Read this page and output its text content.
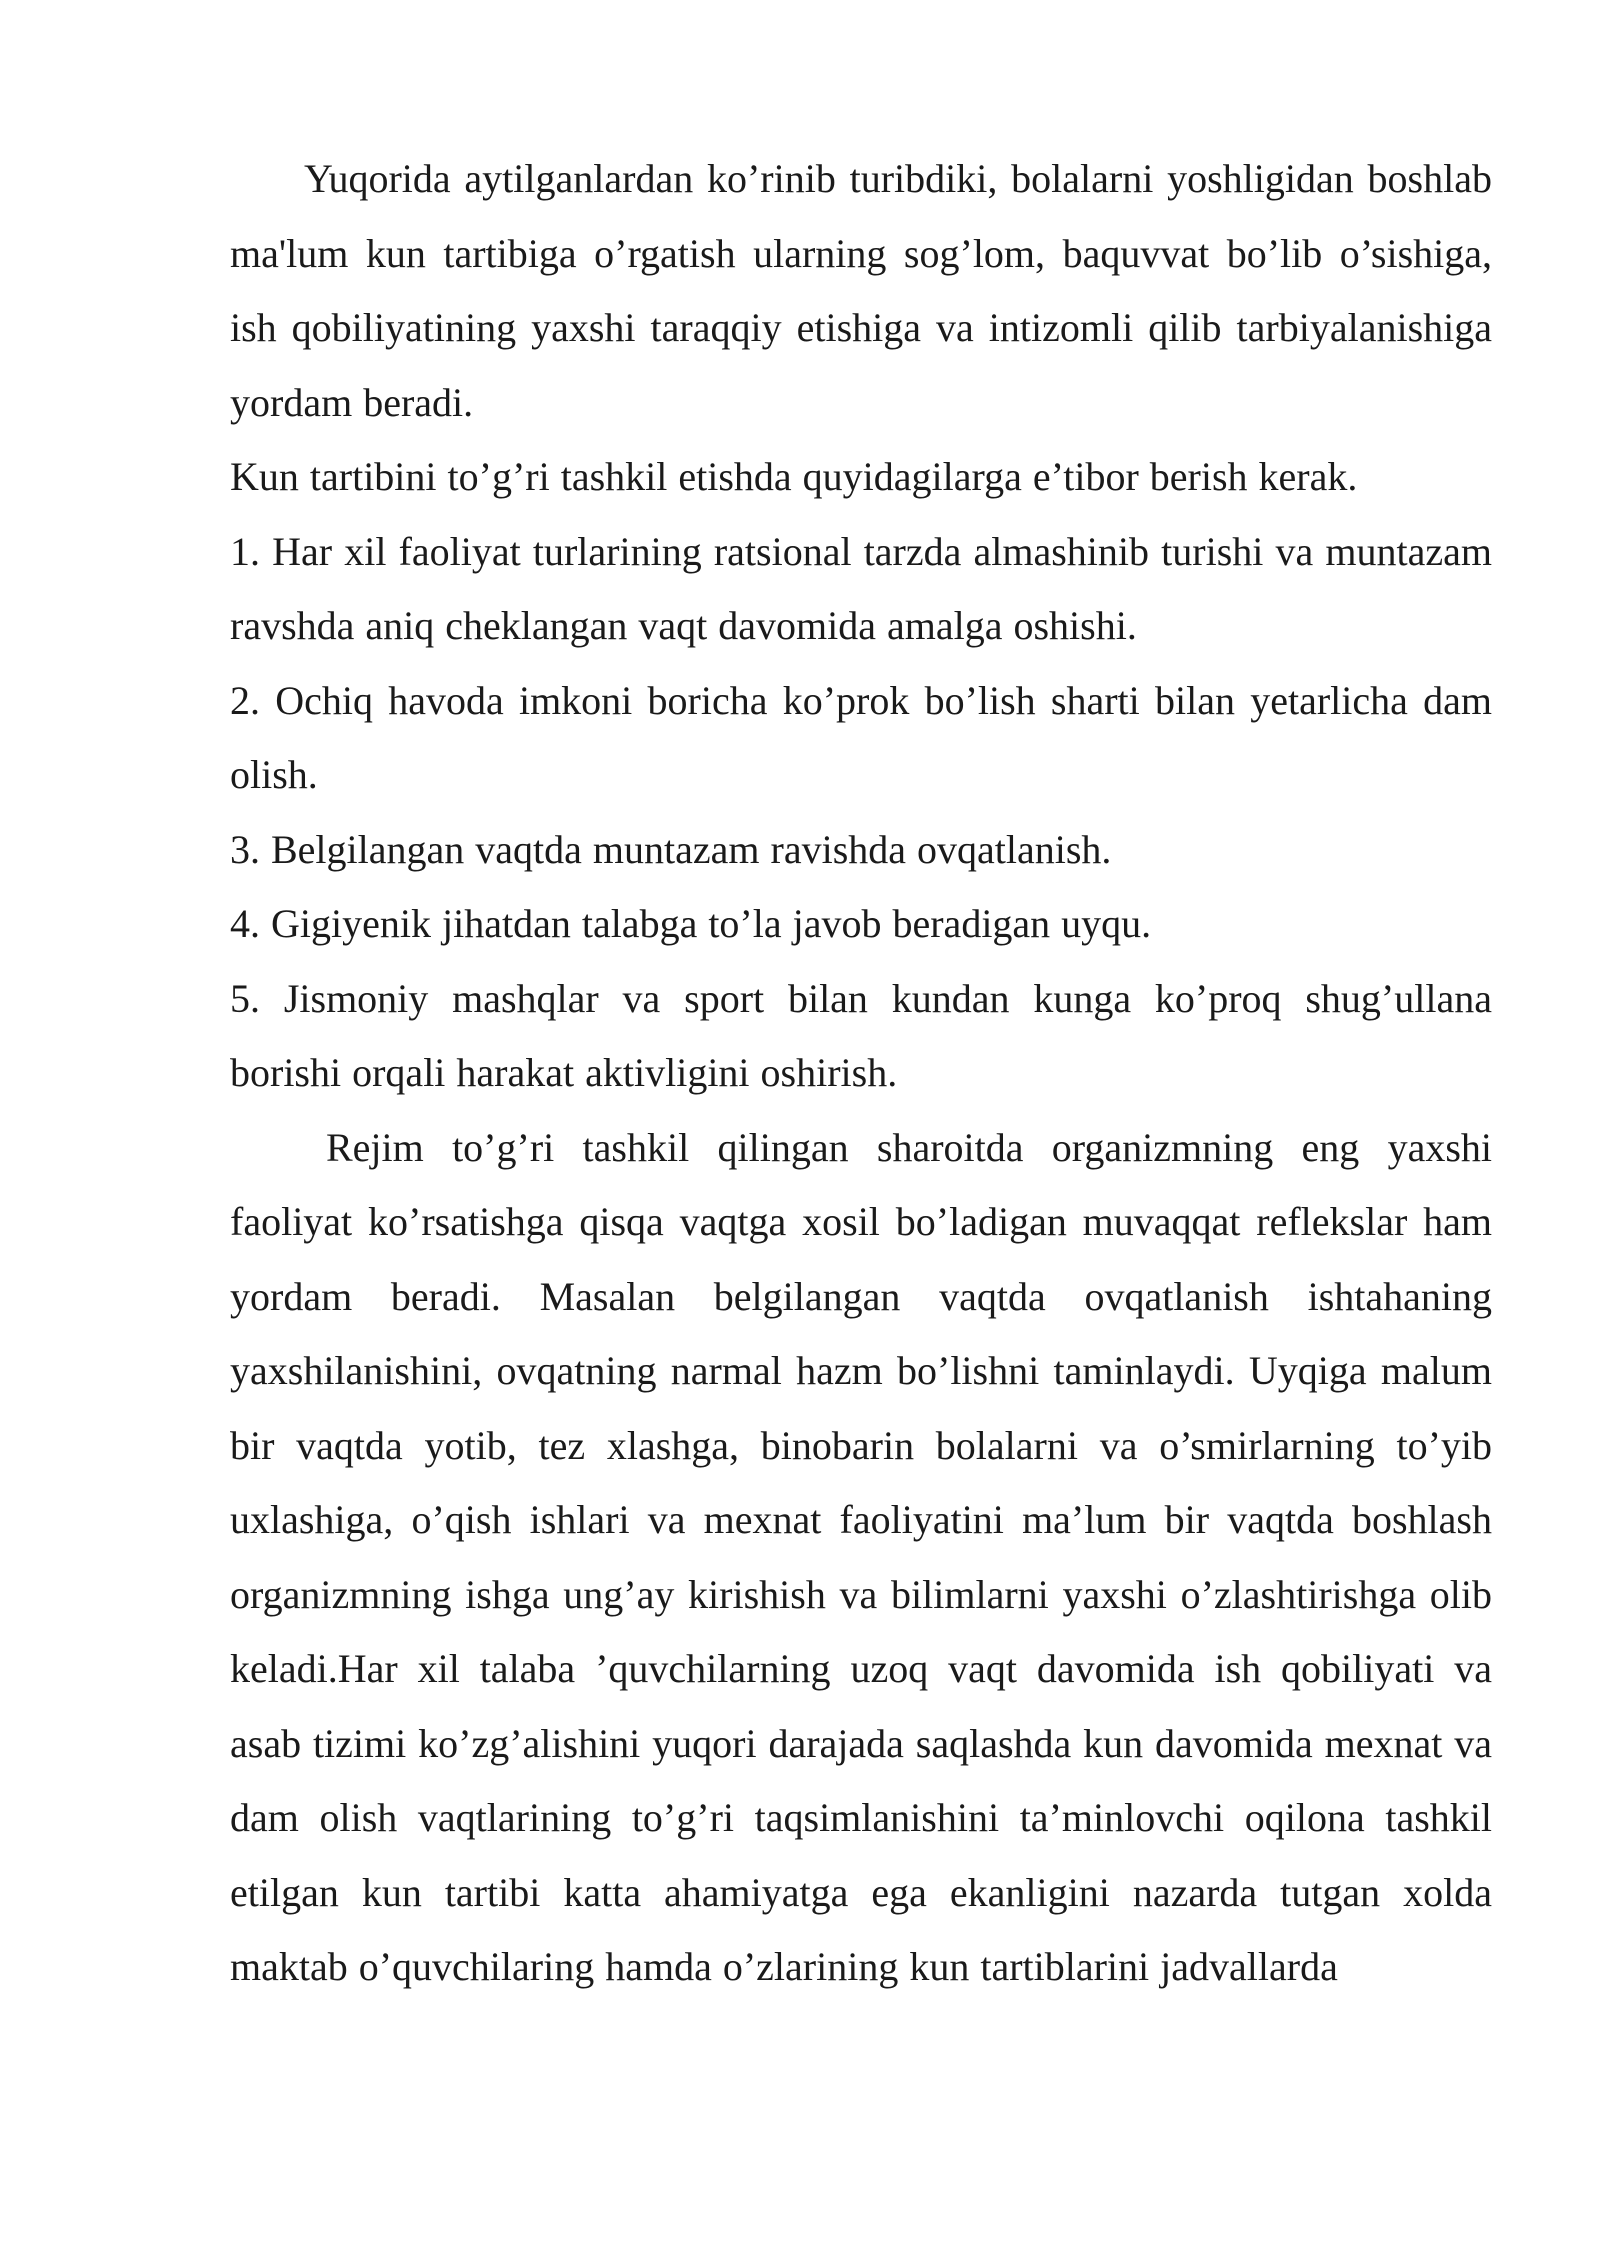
Yuqorida aytilganlardan ko’rinib turibdiki, bolalarni yoshligidan boshlab ma'lum kun tartibiga o’rgatish ularning sog’lom, baquvvat bo’lib o’sishiga, ish qobiliyatining yaxshi taraqqiy etishiga va intizomli qilib tarbiyalanishiga yordam beradi.

Kun tartibini to’g’ri tashkil etishda quyidagilarga e’tibor berish kerak.

1. Har xil faoliyat turlarining ratsional tarzda almashinib turishi va muntazam ravshda aniq cheklangan vaqt davomida amalga oshishi.

2. Ochiq havoda imkoni boricha ko’prok bo’lish sharti bilan yetarlicha dam olish.

3. Belgilangan vaqtda muntazam ravishda ovqatlanish.

4. Gigiyenik jihatdan talabga to’la javob beradigan uyqu.

5. Jismoniy mashqlar va sport bilan kundan kunga ko’proq shug’ullana borishi orqali harakat aktivligini oshirish.

Rejim to’g’ri tashkil qilingan sharoitda organizmning eng yaxshi faoliyat ko’rsatishga qisqa vaqtga xosil bo’ladigan muvaqqat reflekslar ham yordam beradi. Masalan belgilangan vaqtda ovqatlanish ishtahaning yaxshilanishini, ovqatning narmal hazm bo’lishni taminlaydi. Uyqiga malum bir vaqtda yotib, tez xlashga, binobarin bolalarni va o’smirlarning to’yib uxlashiga, o’qish ishlari va mexnat faoliyatini ma’lum bir vaqtda boshlash organizmning ishga ung’ay kirishish va bilimlarni yaxshi o’zlashtirishga olib keladi.Har xil talaba ’quvchilarning uzoq vaqt davomida ish qobiliyati va asab tizimi ko’zg’alishini yuqori darajada saqlashda kun davomida mexnat va dam olish vaqtlarining to’g’ri taqsimlanishini ta’minlovchi oqilona tashkil etilgan kun tartibi katta ahamiyatga ega ekanligini nazarda tutgan xolda maktab o’quvchilaring hamda o’zlarining kun tartiblarini jadvallarda
